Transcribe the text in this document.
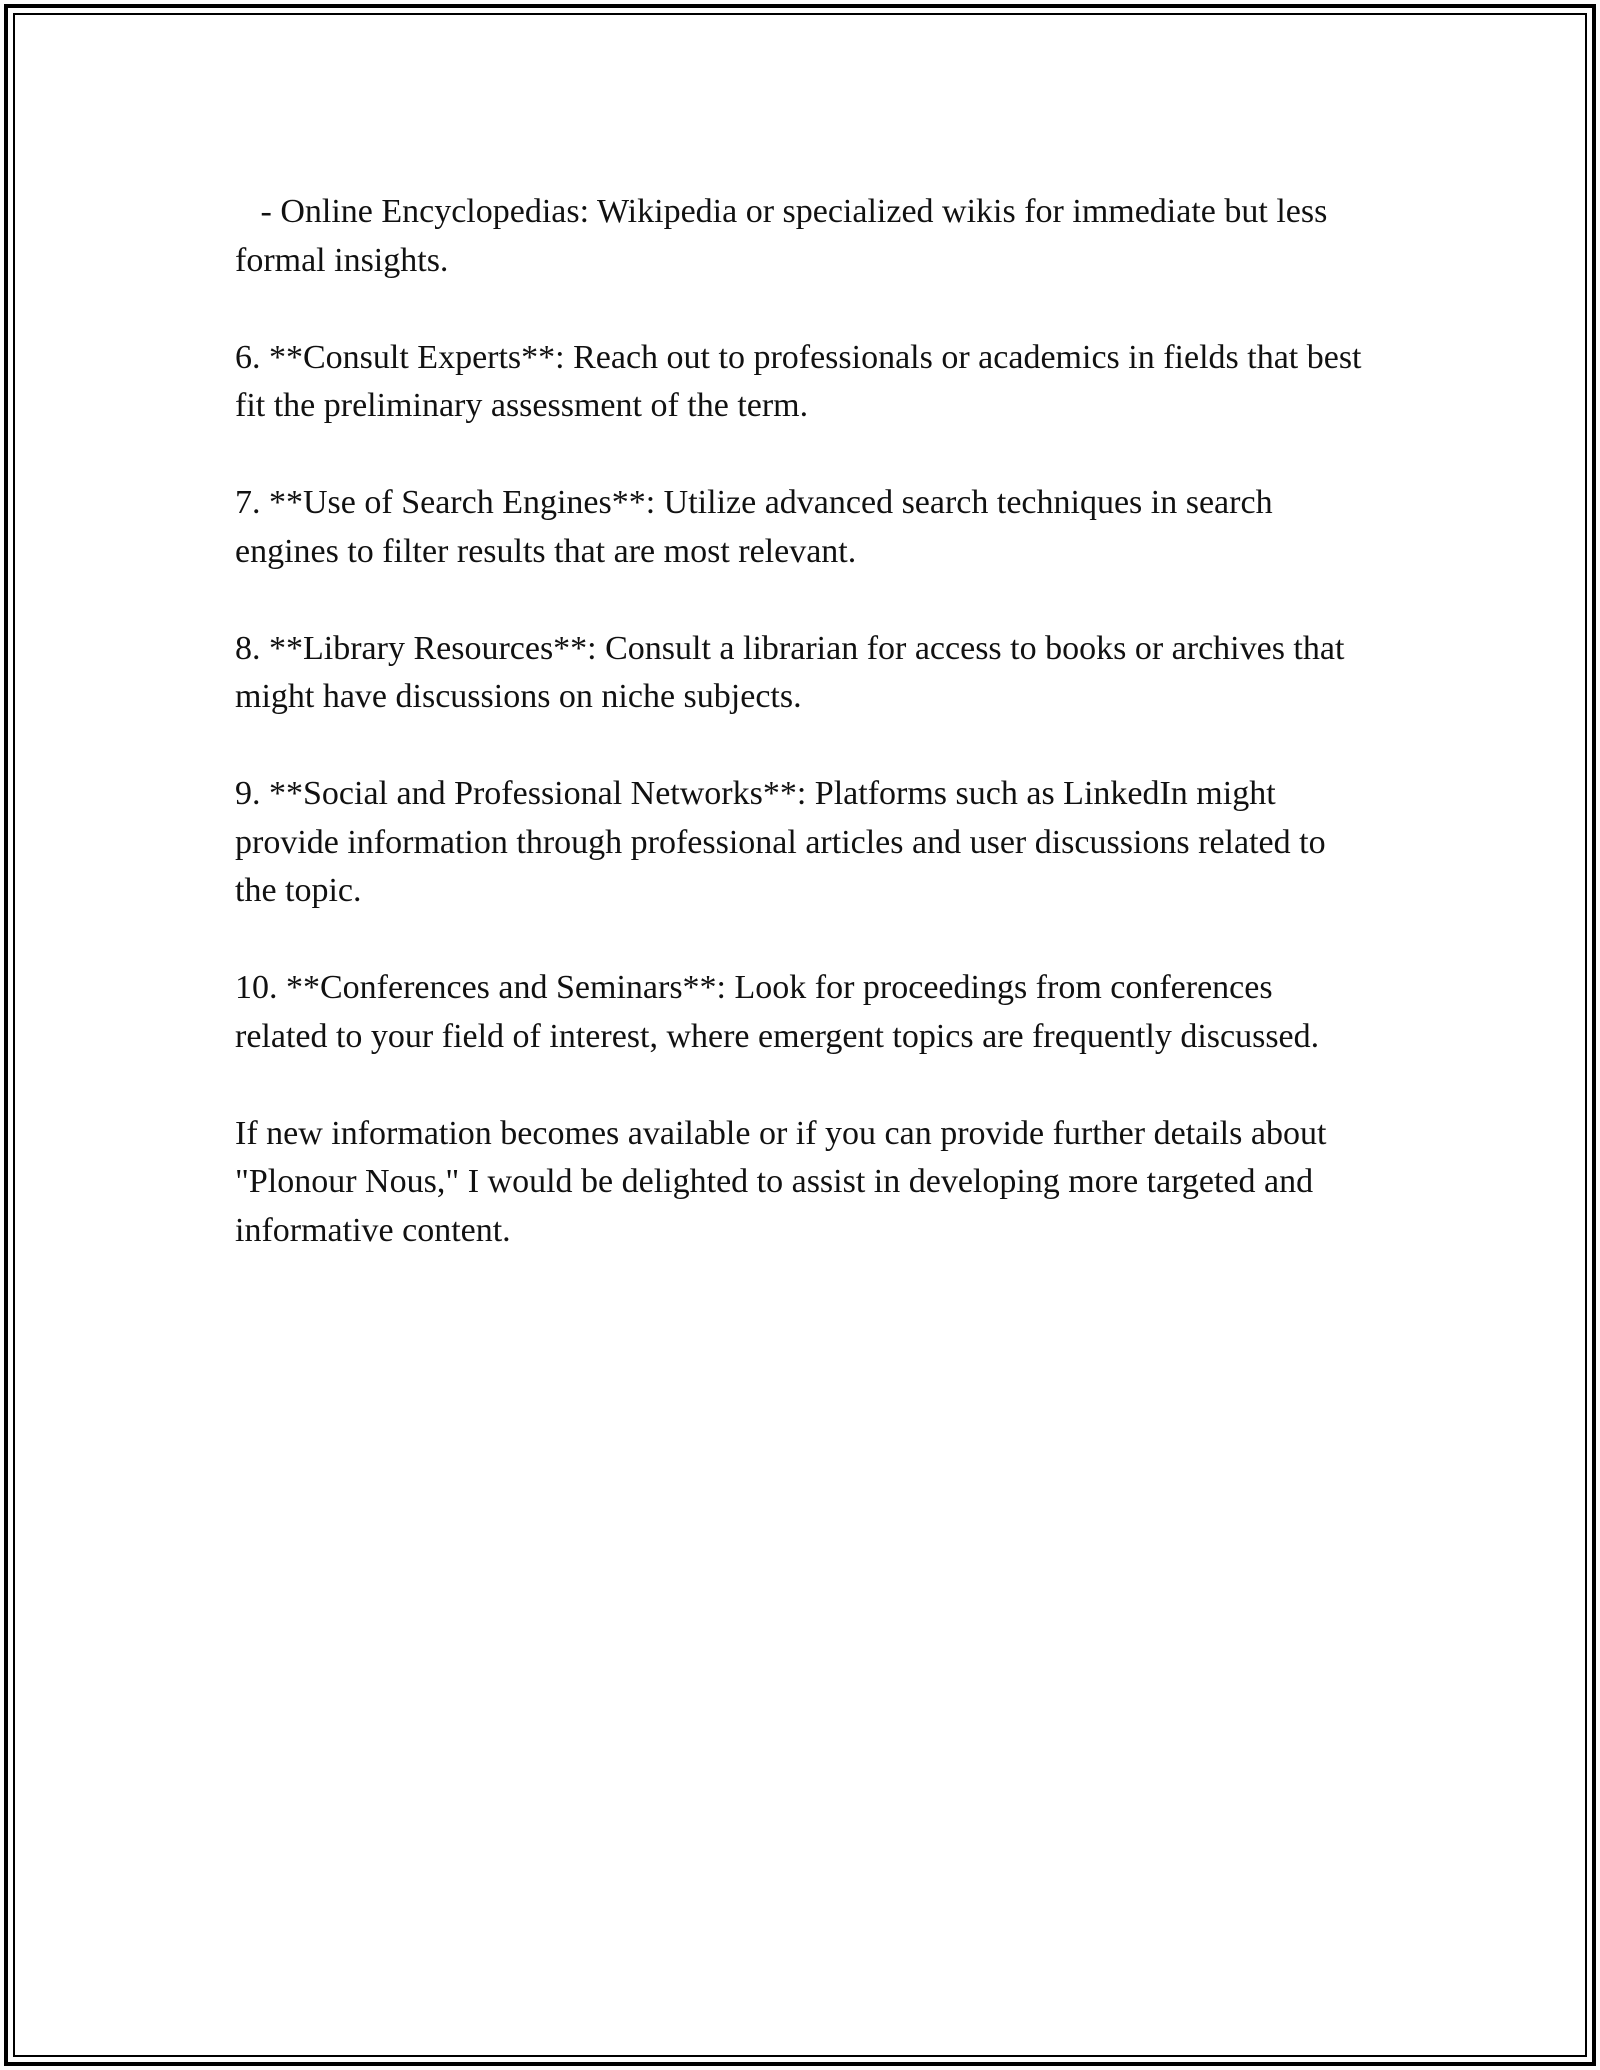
- Online Encyclopedias: Wikipedia or specialized wikis for immediate but less formal insights.

6. **Consult Experts**: Reach out to professionals or academics in fields that best fit the preliminary assessment of the term.

7. **Use of Search Engines**: Utilize advanced search techniques in search engines to filter results that are most relevant.

8. **Library Resources**: Consult a librarian for access to books or archives that might have discussions on niche subjects.

9. **Social and Professional Networks**: Platforms such as LinkedIn might provide information through professional articles and user discussions related to the topic.

10. **Conferences and Seminars**: Look for proceedings from conferences related to your field of interest, where emergent topics are frequently discussed.

If new information becomes available or if you can provide further details about "Plonour Nous," I would be delighted to assist in developing more targeted and informative content.
